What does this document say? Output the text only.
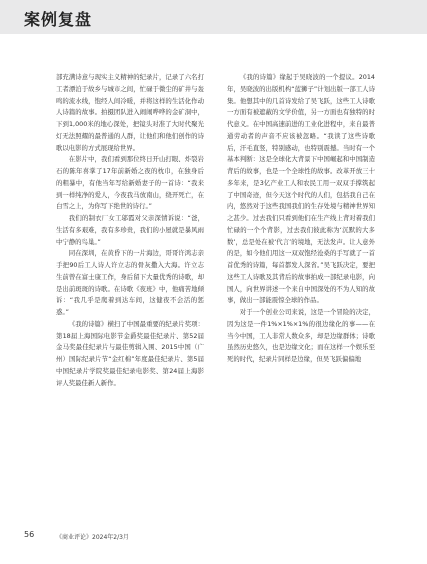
案例复盘

部充满诗意与现实主义精神的纪录片，记录了六名打工者漂泊于故乡与城市之间，忙碌于微尘的矿井与轰鸣的流水线，饱经人间冷暖，并将这样的生活化作动人诗篇的故事。拍摄团队进入闹闹哗哗的金矿洞中，下到1,000米的地心深处，把镜头对准了大时代聚光灯无法照耀的最普通的人群，让他们和他们创作的诗歌以电影的方式展现给世界。

在影片中，我们看到那位终日开山打眼、炸裂岩石的陈年喜掌了17年前新婚之夜的枕巾，在独身后的粗暴中，有他当年写给新婚妻子的一首诗：“我来到一样纯净的爱人，今夜我马放南山，绕开死亡，在白雪之上，为你写下绝世的诗行。”

我们的制衣厂女工邬霞对父亲深情诉说：“爸，生活有多艰难，我有多珍贵，我们的小屋就是暴风雨中宁静的鸟巢。”

同在深圳，在黄昏下的一片海边，哥哥许鸿志亲手把90后工人诗人许立志的骨灰撒入大海。许立志生前曾在富士康工作，身后留下大量优秀的诗歌，却是出前斑斑的诗歌。在诗歌《夜班》中，他痛苦地倾诉：“我几乎是爬着到达车间，这健夜不会活的惩惑。”

《我的诗篇》横扫了中国最重要的纪录片奖项：第18届上海国际电影节金爵奖最佳纪录片、第52届金马奖最佳纪录片与最佳剪辑入围、2015中国（广州）国际纪录片节“金红棉”年度最佳纪录片、第5届中国纪录片学院奖最佳纪录电影奖、第24届上海影评人奖最佳新人新作。

《我的诗篇》缘起于吴晓波的一个提议。2014年，吴晓波的出版机构“蓝狮子”计划出版一部工人诗集。他想其中的几首诗发给了吴飞跃，这些工人诗歌一方面有被遮蔽的文学价值，另一方面也有独特的时代意义。在中国高速前进的工业化进程中，来自最普通劳动者的声音不应该被忽略。“我读了这些诗歌后，汗毛直竖，特别感动，也特别震撼。当时有一个基本判断：这是全球化大背景下中国崛起和中国制造背后的故事，也是一个全球性的故事。改革开放三十多年来，是3亿产业工人和农民工用一双双手撑筑起了中国奇迹，但今天这个时代的人们，包括我自己在内，悠然对于这些我国我们的生存处境与精神世界知之甚少。过去我们只看到他们在生产线上背对着我们忙碌的一个个背影，过去我们彼此称为‘沉默的大多数’，总是处在被‘代言’的境地，无法发声。让人意外的是，如今他们用这一双双饱经沧桑的手写就了一首首优秀的诗篇，每首都发人深省。”吴飞跃决定，要把这些工人诗歌及其背后的故事拍成一部纪录电影，向国人，向世界讲述一个来自中国深处的不为人知的故事，做出一部能震惊全球的作品。

对于一个创业公司来说，这是一个冒险的决定，因为这是一件1%×1%×1%的很边缘化的事——在当今中国，工人非常人数众多，却是边缘群体；诗歌虽然历史悠久，也是边缘文化；而在这样一个娱乐至死的时代，纪录片同样是边缘，但吴飞跃偏偏地

56	《商业评论》2024年2/3月
